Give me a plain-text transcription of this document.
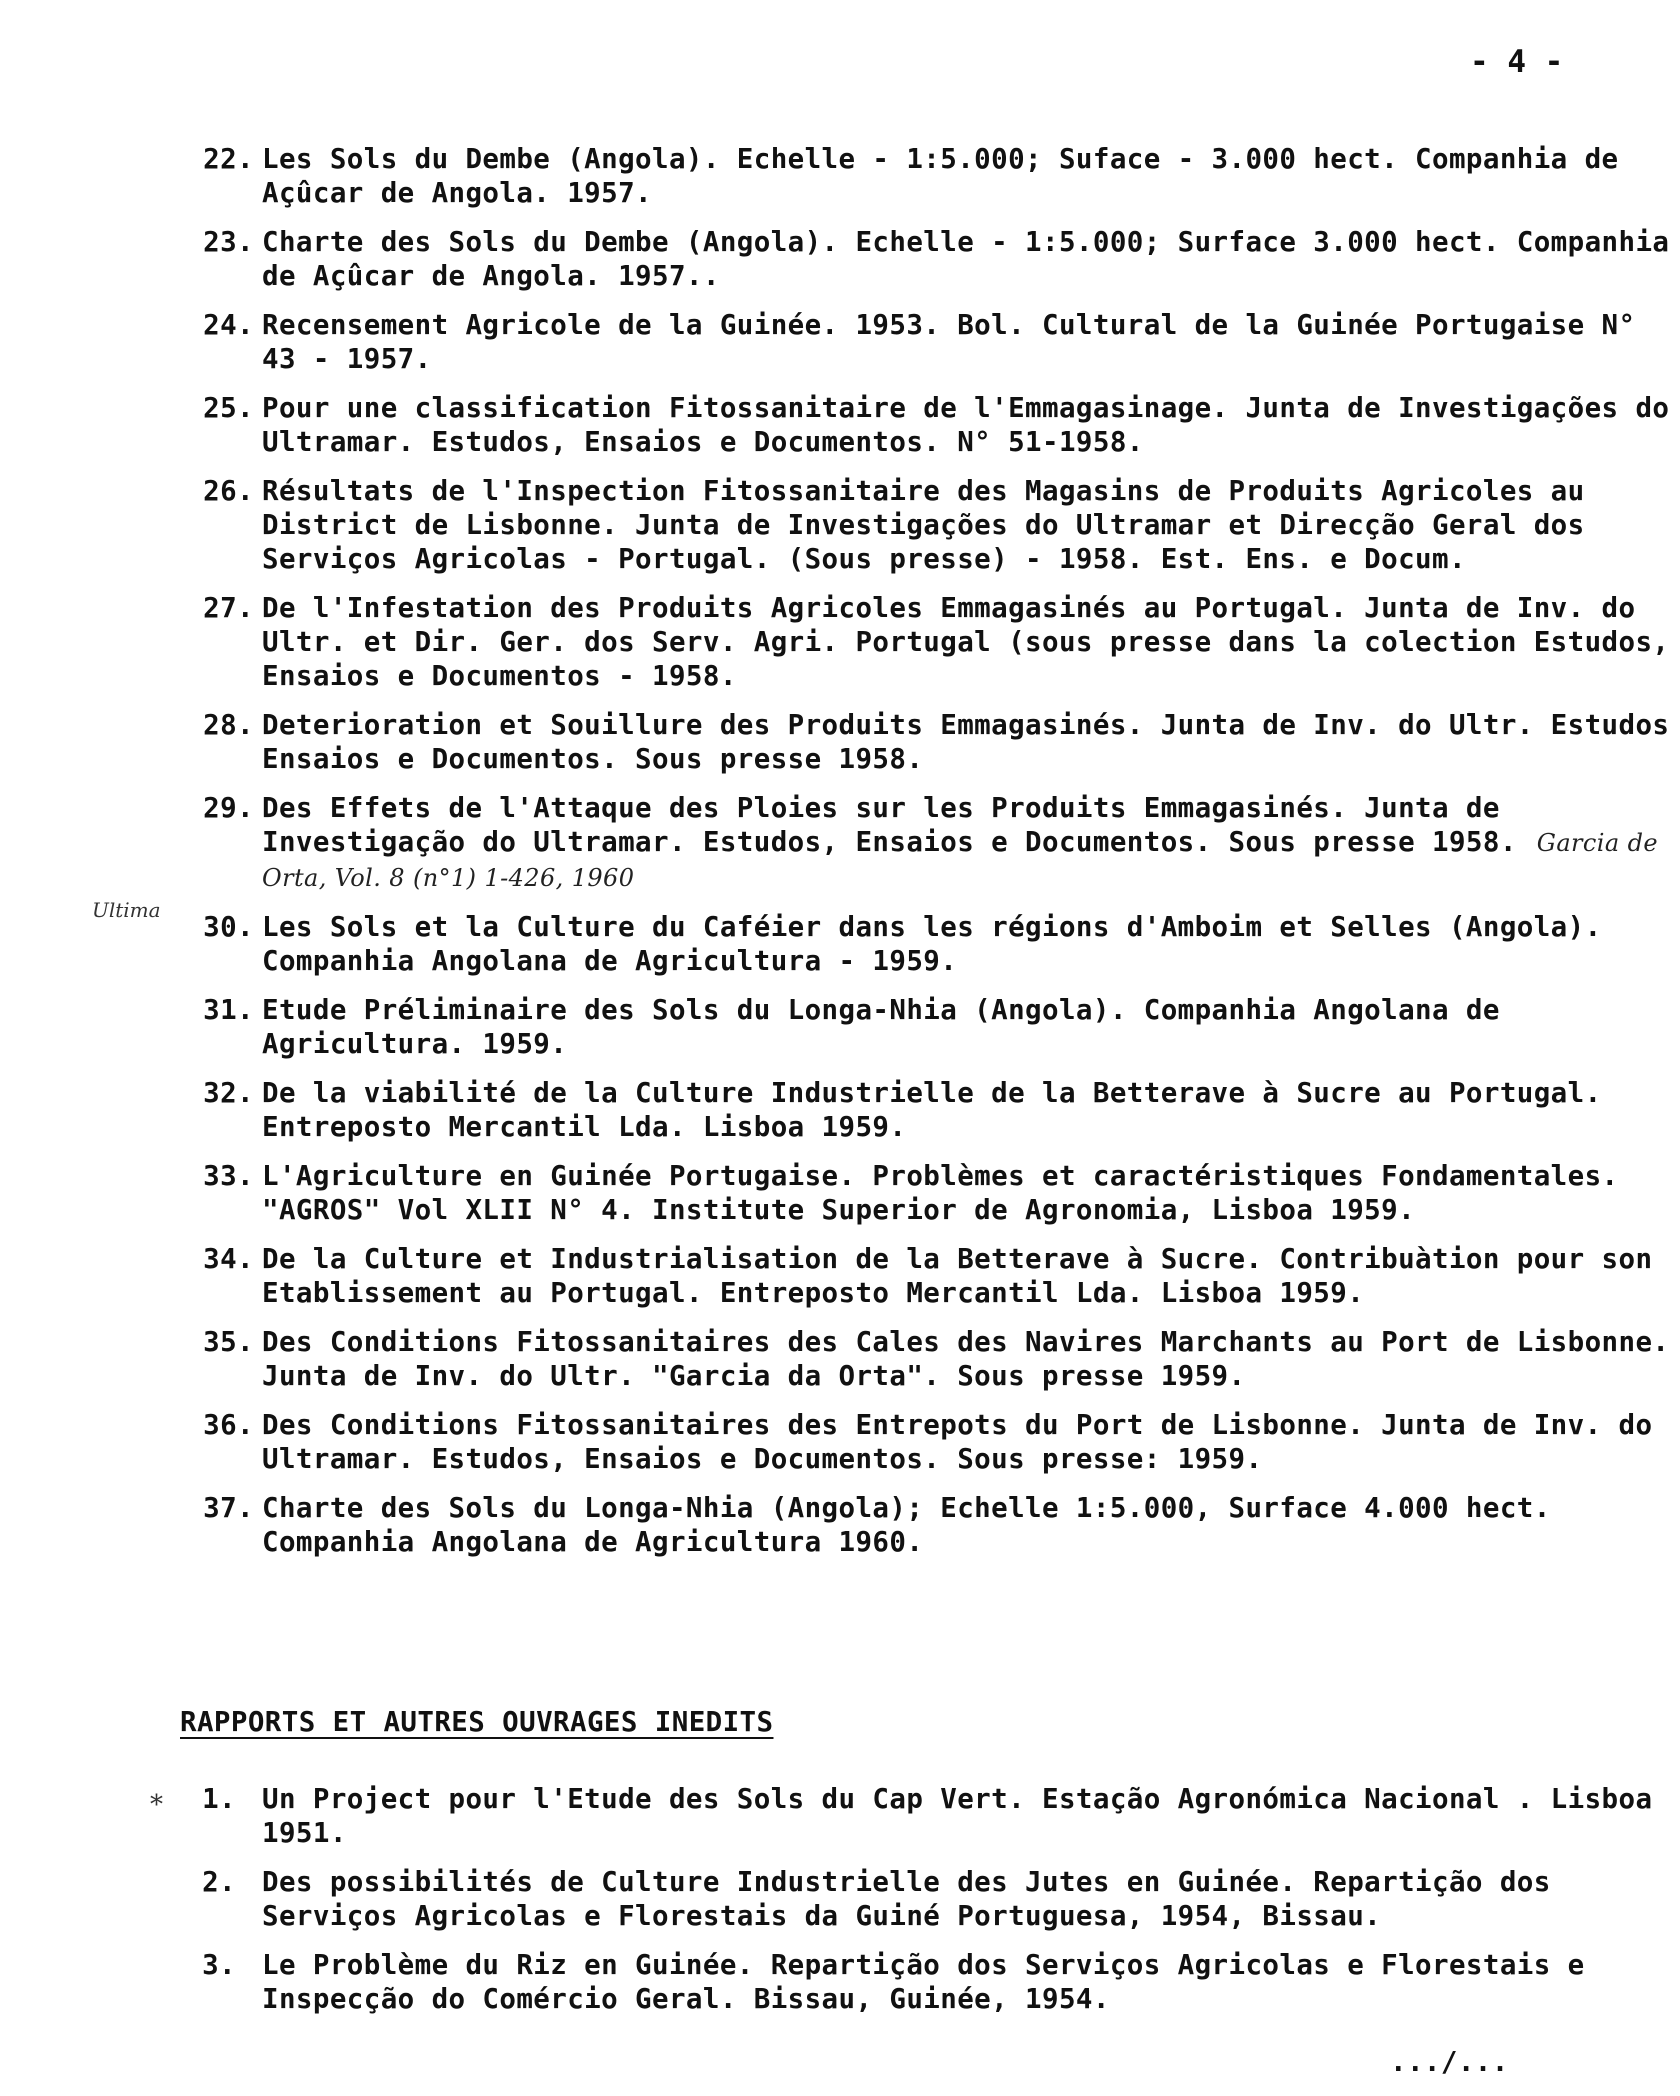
- 4 -
22. Les Sols du Dembe (Angola). Echelle - 1:5.000; Suface - 3.000 hect. Companhia de Açûcar de Angola. 1957.
23. Charte des Sols du Dembe (Angola). Echelle - 1:5.000; Surface 3.000 hect. Companhia de Açûcar de Angola. 1957..
24. Recensement Agricole de la Guinée. 1953. Bol. Cultural de la Guinée Portugaise N° 43 - 1957.
25. Pour une classification Fitossanitaire de l'Emmagasinage. Junta de Investigações do Ultramar. Estudos, Ensaios e Documentos. N° 51-1958.
26. Résultats de l'Inspection Fitossanitaire des Magasins de Produits Agricoles au District de Lisbonne. Junta de Investigações do Ultramar et Direcção Geral dos Serviços Agricolas - Portugal. (Sous presse) - 1958. Est. Ens. e Docum.
27. De l'Infestation des Produits Agricoles Emmagasinés au Portugal. Junta de Inv. do Ultr. et Dir. Ger. dos Serv. Agri. Portugal (sous presse dans la colection Estudos, Ensaios e Documentos - 1958.
28. Deterioration et Souillure des Produits Emmagasinés. Junta de Inv. do Ultr. Estudos Ensaios e Documentos. Sous presse 1958.
29. Des Effets de l'Attaque des Ploies sur les Produits Emmagasinés. Junta de Investigação do Ultramar. Estudos, Ensaios e Documentos. Sous presse 1958. Garcia de Orta, Vol. 8 (n°1) 1-426, 1960
30. Les Sols et la Culture du Caféier dans les régions d'Amboim et Selles (Angola). Companhia Angolana de Agricultura - 1959.
31. Etude Préliminaire des Sols du Longa-Nhia (Angola). Companhia Angolana de Agricultura. 1959.
32. De la viabilité de la Culture Industrielle de la Betterave à Sucre au Portugal. Entreposto Mercantil Lda. Lisboa 1959.
33. L'Agriculture en Guinée Portugaise. Problèmes et caractéristiques Fondamentales. "AGROS" Vol XLII N° 4. Institute Superior de Agronomia, Lisboa 1959.
34. De la Culture et Industrialisation de la Betterave à Sucre. Contribuàtion pour son Etablissement au Portugal. Entreposto Mercantil Lda. Lisboa 1959.
35. Des Conditions Fitossanitaires des Cales des Navires Marchants au Port de Lisbonne. Junta de Inv. do Ultr. "Garcia da Orta". Sous presse 1959.
36. Des Conditions Fitossanitaires des Entrepots du Port de Lisbonne. Junta de Inv. do Ultramar. Estudos, Ensaios e Documentos. Sous presse: 1959.
37. Charte des Sols du Longa-Nhia (Angola); Echelle 1:5.000, Surface 4.000 hect. Companhia Angolana de Agricultura 1960.
RAPPORTS ET AUTRES OUVRAGES INEDITS
1. Un Project pour l'Etude des Sols du Cap Vert. Estação Agronómica Nacional . Lisboa 1951.
2. Des possibilités de Culture Industrielle des Jutes en Guinée. Repartição dos Serviços Agricolas e Florestais da Guiné Portuguesa, 1954, Bissau.
3. Le Problème du Riz en Guinée. Repartição dos Serviços Agricolas e Florestais e Inspecção do Comércio Geral. Bissau, Guinée, 1954.
Ultima
*
.../...
